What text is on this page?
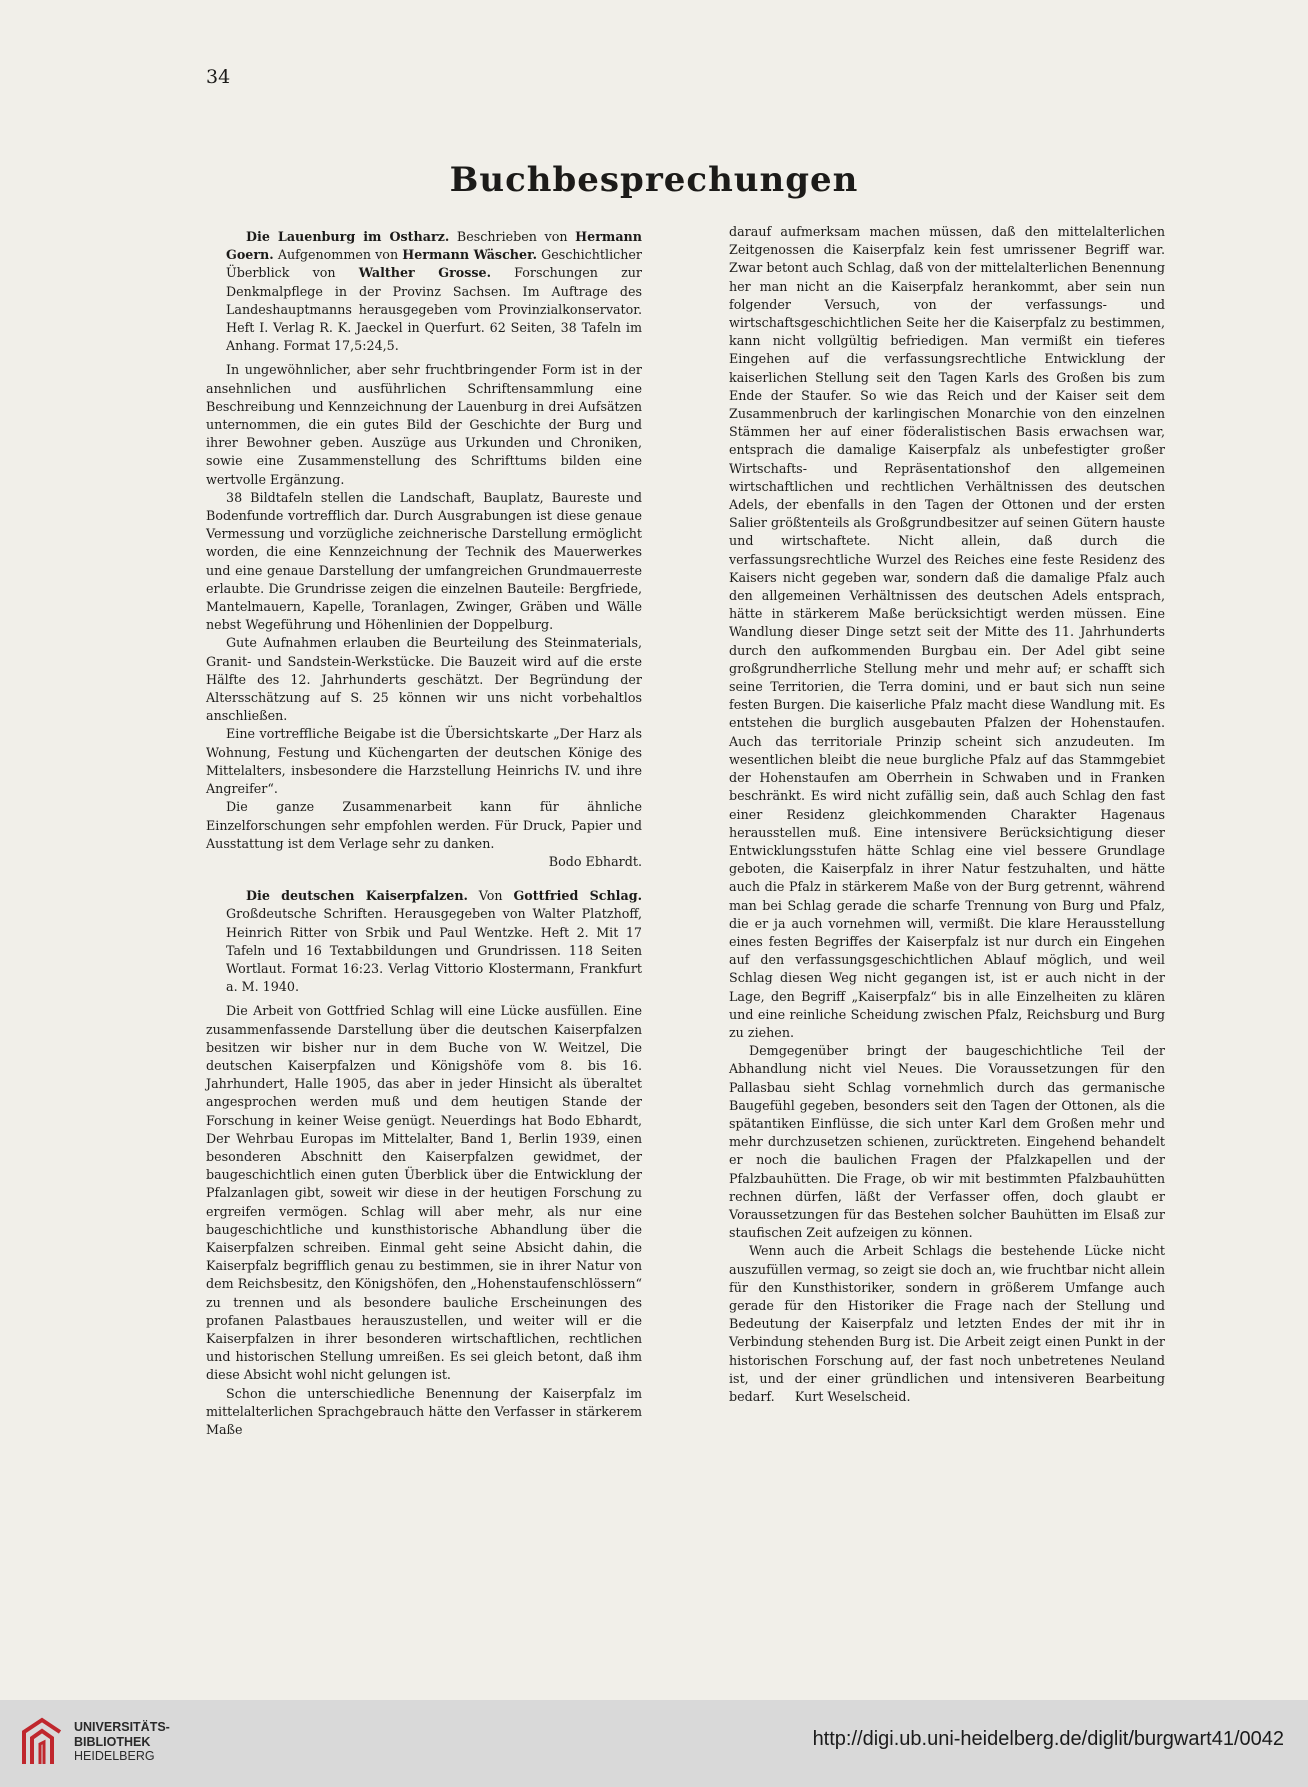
34
Buchbesprechungen

Die Lauenburg im Ostharz. Beschrieben von Hermann Goern. Aufgenommen von Hermann Wäscher. Geschichtlicher Überblick von Walther Grosse. Forschungen zur Denkmalpflege in der Provinz Sachsen. Im Auftrage des Landeshauptmanns herausgegeben vom Provinzialkonservator. Heft I. Verlag R. K. Jaeckel in Querfurt. 62 Seiten, 38 Tafeln im Anhang. Format 17,5:24,5.

In ungewöhnlicher, aber sehr fruchtbringender Form ist in der ansehnlichen und ausführlichen Schriftensammlung eine Beschreibung und Kennzeichnung der Lauenburg in drei Aufsätzen unternommen, die ein gutes Bild der Geschichte der Burg und ihrer Bewohner geben. Auszüge aus Urkunden und Chroniken, sowie eine Zusammenstellung des Schrifttums bilden eine wertvolle Ergänzung.

38 Bildtafeln stellen die Landschaft, Bauplatz, Baureste und Bodenfunde vortrefflich dar. Durch Ausgrabungen ist diese genaue Vermessung und vorzügliche zeichnerische Darstellung ermöglicht worden, die eine Kennzeichnung der Technik des Mauerwerkes und eine genaue Darstellung der umfangreichen Grundmauerreste erlaubte. Die Grundrisse zeigen die einzelnen Bauteile: Bergfriede, Mantelmauern, Kapelle, Toranlagen, Zwinger, Gräben und Wälle nebst Wegeführung und Höhenlinien der Doppelburg.

Gute Aufnahmen erlauben die Beurteilung des Steinmaterials, Granit- und Sandstein-Werkstücke. Die Bauzeit wird auf die erste Hälfte des 12. Jahrhunderts geschätzt. Der Begründung der Altersschätzung auf S. 25 können wir uns nicht vorbehaltlos anschließen.

Eine vortreffliche Beigabe ist die Übersichtskarte „Der Harz als Wohnung, Festung und Küchengarten der deutschen Könige des Mittelalters, insbesondere die Harzstellung Heinrichs IV. und ihre Angreifer“.

Die ganze Zusammenarbeit kann für ähnliche Einzelforschungen sehr empfohlen werden. Für Druck, Papier und Ausstattung ist dem Verlage sehr zu danken.

Bodo Ebhardt.

Die deutschen Kaiserpfalzen. Von Gottfried Schlag. Großdeutsche Schriften. Herausgegeben von Walter Platzhoff, Heinrich Ritter von Srbik und Paul Wentzke. Heft 2. Mit 17 Tafeln und 16 Textabbildungen und Grundrissen. 118 Seiten Wortlaut. Format 16:23. Verlag Vittorio Klostermann, Frankfurt a. M. 1940.

Die Arbeit von Gottfried Schlag will eine Lücke ausfüllen. Eine zusammenfassende Darstellung über die deutschen Kaiserpfalzen besitzen wir bisher nur in dem Buche von W. Weitzel, Die deutschen Kaiserpfalzen und Königshöfe vom 8. bis 16. Jahrhundert, Halle 1905, das aber in jeder Hinsicht als überaltet angesprochen werden muß und dem heutigen Stande der Forschung in keiner Weise genügt. Neuerdings hat Bodo Ebhardt, Der Wehrbau Europas im Mittelalter, Band 1, Berlin 1939, einen besonderen Abschnitt den Kaiserpfalzen gewidmet, der baugeschichtlich einen guten Überblick über die Entwicklung der Pfalzanlagen gibt, soweit wir diese in der heutigen Forschung zu ergreifen vermögen. Schlag will aber mehr, als nur eine baugeschichtliche und kunsthistorische Abhandlung über die Kaiserpfalzen schreiben. Einmal geht seine Absicht dahin, die Kaiserpfalz begrifflich genau zu bestimmen, sie in ihrer Natur von dem Reichsbesitz, den Königshöfen, den „Hohenstaufenschlössern“ zu trennen und als besondere bauliche Erscheinungen des profanen Palastbaues herauszustellen, und weiter will er die Kaiserpfalzen in ihrer besonderen wirtschaftlichen, rechtlichen und historischen Stellung umreißen. Es sei gleich betont, daß ihm diese Absicht wohl nicht gelungen ist.

Schon die unterschiedliche Benennung der Kaiserpfalz im mittelalterlichen Sprachgebrauch hätte den Verfasser in stärkerem Maße

darauf aufmerksam machen müssen, daß den mittelalterlichen Zeitgenossen die Kaiserpfalz kein fest umrissener Begriff war. Zwar betont auch Schlag, daß von der mittelalterlichen Benennung her man nicht an die Kaiserpfalz herankommt, aber sein nun folgender Versuch, von der verfassungs- und wirtschaftsgeschichtlichen Seite her die Kaiserpfalz zu bestimmen, kann nicht vollgültig befriedigen. Man vermißt ein tieferes Eingehen auf die verfassungsrechtliche Entwicklung der kaiserlichen Stellung seit den Tagen Karls des Großen bis zum Ende der Staufer. So wie das Reich und der Kaiser seit dem Zusammenbruch der karlingischen Monarchie von den einzelnen Stämmen her auf einer föderalistischen Basis erwachsen war, entsprach die damalige Kaiserpfalz als unbefestigter großer Wirtschafts- und Repräsentationshof den allgemeinen wirtschaftlichen und rechtlichen Verhältnissen des deutschen Adels, der ebenfalls in den Tagen der Ottonen und der ersten Salier größtenteils als Großgrundbesitzer auf seinen Gütern hauste und wirtschaftete. Nicht allein, daß durch die verfassungsrechtliche Wurzel des Reiches eine feste Residenz des Kaisers nicht gegeben war, sondern daß die damalige Pfalz auch den allgemeinen Verhältnissen des deutschen Adels entsprach, hätte in stärkerem Maße berücksichtigt werden müssen. Eine Wandlung dieser Dinge setzt seit der Mitte des 11. Jahrhunderts durch den aufkommenden Burgbau ein. Der Adel gibt seine großgrundherrliche Stellung mehr und mehr auf; er schafft sich seine Territorien, die Terra domini, und er baut sich nun seine festen Burgen. Die kaiserliche Pfalz macht diese Wandlung mit. Es entstehen die burglich ausgebauten Pfalzen der Hohenstaufen. Auch das territoriale Prinzip scheint sich anzudeuten. Im wesentlichen bleibt die neue burgliche Pfalz auf das Stammgebiet der Hohenstaufen am Oberrhein in Schwaben und in Franken beschränkt. Es wird nicht zufällig sein, daß auch Schlag den fast einer Residenz gleichkommenden Charakter Hagenaus herausstellen muß. Eine intensivere Berücksichtigung dieser Entwicklungsstufen hätte Schlag eine viel bessere Grundlage geboten, die Kaiserpfalz in ihrer Natur festzuhalten, und hätte auch die Pfalz in stärkerem Maße von der Burg getrennt, während man bei Schlag gerade die scharfe Trennung von Burg und Pfalz, die er ja auch vornehmen will, vermißt. Die klare Herausstellung eines festen Begriffes der Kaiserpfalz ist nur durch ein Eingehen auf den verfassungsgeschichtlichen Ablauf möglich, und weil Schlag diesen Weg nicht gegangen ist, ist er auch nicht in der Lage, den Begriff „Kaiserpfalz“ bis in alle Einzelheiten zu klären und eine reinliche Scheidung zwischen Pfalz, Reichsburg und Burg zu ziehen.

Demgegenüber bringt der baugeschichtliche Teil der Abhandlung nicht viel Neues. Die Voraussetzungen für den Pallasbau sieht Schlag vornehmlich durch das germanische Baugefühl gegeben, besonders seit den Tagen der Ottonen, als die spätantiken Einflüsse, die sich unter Karl dem Großen mehr und mehr durchzusetzen schienen, zurücktreten. Eingehend behandelt er noch die baulichen Fragen der Pfalzkapellen und der Pfalzbauhütten. Die Frage, ob wir mit bestimmten Pfalzbauhütten rechnen dürfen, läßt der Verfasser offen, doch glaubt er Voraussetzungen für das Bestehen solcher Bauhütten im Elsaß zur staufischen Zeit aufzeigen zu können.

Wenn auch die Arbeit Schlags die bestehende Lücke nicht auszufüllen vermag, so zeigt sie doch an, wie fruchtbar nicht allein für den Kunsthistoriker, sondern in größerem Umfange auch gerade für den Historiker die Frage nach der Stellung und Bedeutung der Kaiserpfalz und letzten Endes der mit ihr in Verbindung stehenden Burg ist. Die Arbeit zeigt einen Punkt in der historischen Forschung auf, der fast noch unbetretenes Neuland ist, und der einer gründlichen und intensiveren Bearbeitung bedarf. Kurt Weselscheid.

UNIVERSITÄTS-
BIBLIOTHEK
HEIDELBERG
http://digi.ub.uni-heidelberg.de/diglit/burgwart41/0042
